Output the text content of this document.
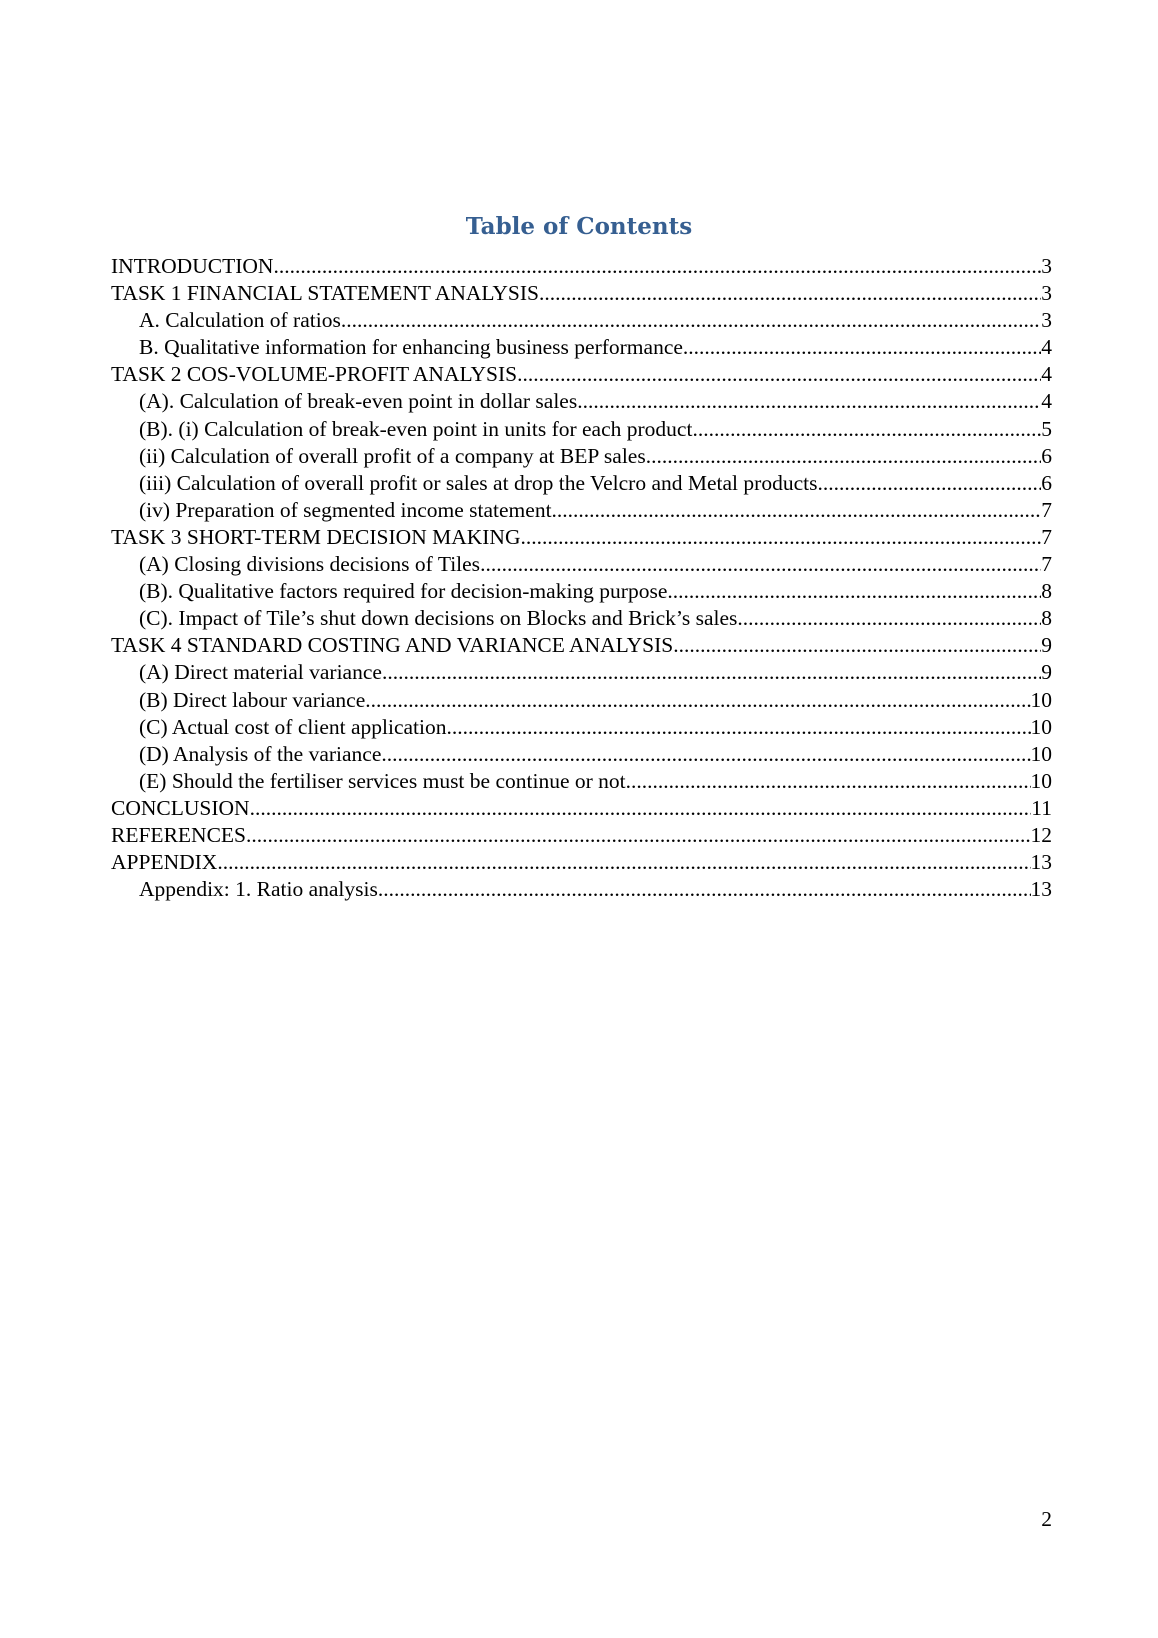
Table of Contents
INTRODUCTION .....	3
TASK 1 FINANCIAL STATEMENT ANALYSIS .....	3
A. Calculation of ratios .....	3
B. Qualitative information for enhancing business performance .....	4
TASK 2 COS-VOLUME-PROFIT ANALYSIS .....	4
(A). Calculation of break-even point in dollar sales .....	4
(B). (i) Calculation of break-even point in units for each product .....	5
(ii) Calculation of overall profit of a company at BEP sales .....	6
(iii) Calculation of overall profit or sales at drop the Velcro and Metal products .....	6
(iv) Preparation of segmented income statement .....	7
TASK 3 SHORT-TERM DECISION MAKING .....	7
(A) Closing divisions decisions of Tiles .....	7
(B). Qualitative factors required for decision-making purpose .....	8
(C). Impact of Tile’s shut down decisions on Blocks and Brick’s sales .....	8
TASK 4 STANDARD COSTING AND VARIANCE ANALYSIS .....	9
(A) Direct material variance .....	9
(B) Direct labour variance .....	10
(C) Actual cost of client application .....	10
(D) Analysis of the variance .....	10
(E) Should the fertiliser services must be continue or not .....	10
CONCLUSION .....	11
REFERENCES .....	12
APPENDIX .....	13
Appendix: 1. Ratio analysis .....	13
2
